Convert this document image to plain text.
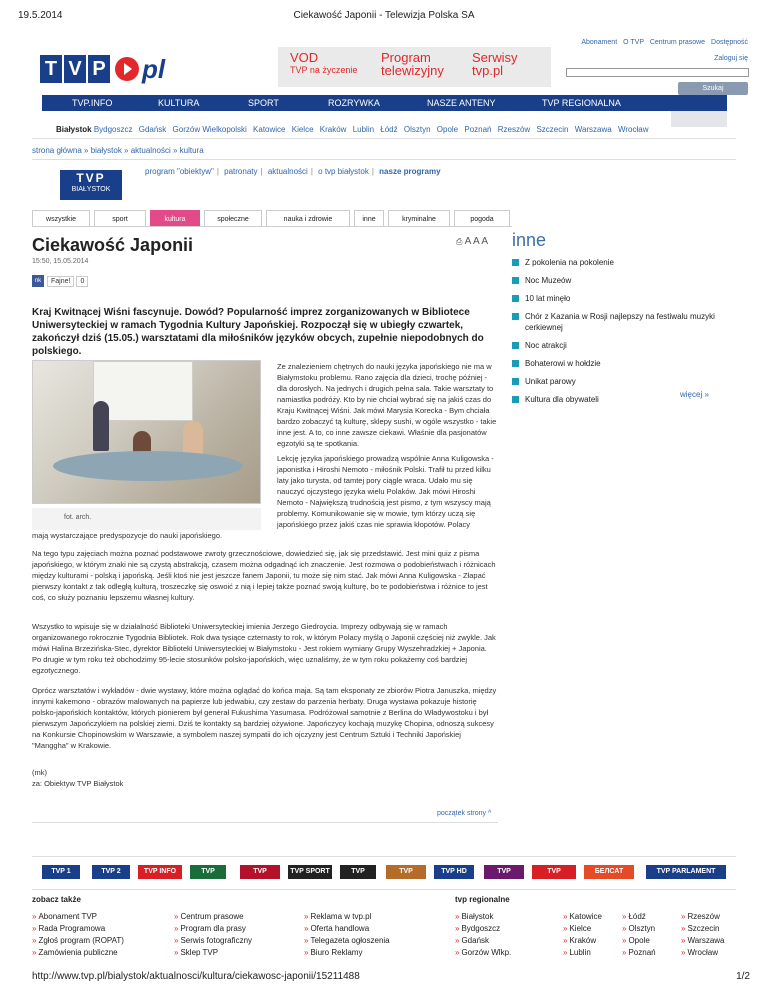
19.5.2014	Ciekawość Japonii - Telewizja Polska SA
Abonament O TVP Centrum prasowe Dostępność
Zaloguj się
Szukaj
T V P pl	VOD
TVP na życzenie
Program
telewizyjny
Serwisy
tvp.pl
TVP.INFO	KULTURA	SPORT	ROZRYWKA	NASZE ANTENY	TVP REGIONALNA
Białystok Bydgoszcz Gdańsk Gorzów Wielkopolski Katowice Kielce Kraków Lublin Łódź Olsztyn Opole Poznań Rzeszów Szczecin Warszawa Wrocław
strona główna » białystok » aktualności » kultura
TVP
BIAŁYSTOK
program "obiektyw" | patronaty | aktualności | o tvp białystok | nasze programy
wszystkie	sport	kultura	społeczne	nauka i zdrowie	inne	kryminalne	pogoda
Ciekawość Japonii	⎙ A A A
15:50, 15.05.2014
nk	Fajne!	0

Kraj Kwitnącej Wiśni fascynuje. Dowód? Popularność imprez zorganizowanych w Bibliotece Uniwersyteckiej w ramach Tygodnia Kultury Japońskiej. Rozpoczął się w ubiegły czwartek, zakończył dziś (15.05.) warsztatami dla miłośników języków obcych, zupełnie niepodobnych do polskiego.

fot. arch.

Ze znalezieniem chętnych do nauki języka japońskiego nie ma w Białymstoku problemu. Rano zajęcia dla dzieci, trochę później - dla dorosłych. Na jednych i drugich pełna sala. Takie warsztaty to namiastka podróży. Kto by nie chciał wybrać się na jakiś czas do Kraju Kwitnącej Wiśni. Jak mówi Marysia Korecka - Bym chciała bardzo zobaczyć tą kulturę, sklepy sushi, w ogóle wszystko - takie inne jest. A to, co inne zawsze ciekawi. Właśnie dla pasjonatów egzotyki są te spotkania.

Lekcję języka japońskiego prowadzą wspólnie Anna Kuligowska - japonistka i Hiroshi Nemoto - miłośnik Polski. Trafił tu przed kilku laty jako turysta, od tamtej pory ciągle wraca. Udało mu się nauczyć ojczystego języka wielu Polaków. Jak mówi Hiroshi Nemoto - Największą trudnością jest pismo, z tym wszyscy mają problemy. Komunikowanie się w mowie, tym którzy uczą się japońskiego przez jakiś czas nie sprawia kłopotów. Polacy

mają wystarczające predyspozycje do nauki japońskiego.

Na tego typu zajęciach można poznać podstawowe zwroty grzecznościowe, dowiedzieć się, jak się przedstawić. Jest mini quiz z pisma japońskiego, w którym znaki nie są czystą abstrakcją, czasem można odgadnąć ich znaczenie. Jest rozmowa o podobieństwach i różnicach między kulturami - polską i japońską. Jeśli ktoś nie jest jeszcze fanem Japonii, tu może się nim stać. Jak mówi Anna Kuligowska - Złapać pierwszy kontakt z tak odległą kulturą, troszeczkę się oswoić z nią i lepiej także poznać swoją kulturę, bo te podobieństwa i różnice to jest coś, co służy poznaniu lepszemu własnej kultury.

Wszystko to wpisuje się w działalność Biblioteki Uniwersyteckiej imienia Jerzego Giedroycia. Imprezy odbywają się w ramach organizowanego rokrocznie Tygodnia Bibliotek. Rok dwa tysiące czternasty to rok, w którym Polacy myślą o Japonii częściej niż zwykle. Jak mówi Halina Brzezińska-Stec, dyrektor Biblioteki Uniwersyteckiej w Białymstoku - Jest rokiem wymiany Grupy Wyszehradzkiej + Japonia. Po drugie w tym roku też obchodzimy 95-lecie stosunków polsko-japońskich, więc uznaliśmy, że w tym roku pokażemy coś bardziej egzotycznego.

Oprócz warsztatów i wykładów - dwie wystawy, które można oglądać do końca maja. Są tam eksponaty ze zbiorów Piotra Januszka, między innymi kakemono - obrazów malowanych na papierze lub jedwabiu, czy zestaw do parzenia herbaty. Druga wystawa pokazuje historię polsko-japońskich kontaktów, których pionierem był generał Fukushima Yasumasa. Podróżował samotnie z Berlina do Władywostoku i był pierwszym Japończykiem na polskiej ziemi. Dziś te kontakty są bardziej ożywione. Japończycy kochają muzykę Chopina, odnoszą sukcesy na Konkursie Chopinowskim w Warszawie, a symbolem naszej sympatii do ich ojczyzny jest Centrum Sztuki i Techniki Japońskiej "Manggha" w Krakowie.

(mk)

za: Obiektyw TVP Białystok

początek strony ^
inne
Z pokolenia na pokolenie
Noc Muzeów
10 lat minęło
Chór z Kazania w Rosji najlepszy na festiwalu muzyki cerkiewnej
Noc atrakcji
Bohaterowi w hołdzie
Unikat parowy
Kultura dla obywateli
więcej »
TVP 1	TVP 2	TVP INFO	TVP REGIONALNA
TVP POLONIA
TVP SPORT	TVP KULTURA
TVP HISTORIA
TVP HD	TVP SERIALE
TVP ROZRYWKA
БЕЛСАТ	TVP PARLAMENT
zobacz także	tvp regionalne
» Abonament TVP
» Rada Programowa
» Zgłoś program (ROPAT)
» Zamówienia publiczne
» Centrum prasowe
» Program dla prasy
» Serwis fotograficzny
» Sklep TVP
» Reklama w tvp.pl
» Oferta handlowa
» Telegazeta ogłoszenia
» Biuro Reklamy
» Białystok
» Bydgoszcz
» Gdańsk
» Gorzów Wlkp.
» Katowice
» Kielce
» Kraków
» Lublin
» Łódź
» Olsztyn
» Opole
» Poznań
» Rzeszów
» Szczecin
» Warszawa
» Wrocław
http://www.tvp.pl/bialystok/aktualnosci/kultura/ciekawosc-japonii/15211488	1/2
